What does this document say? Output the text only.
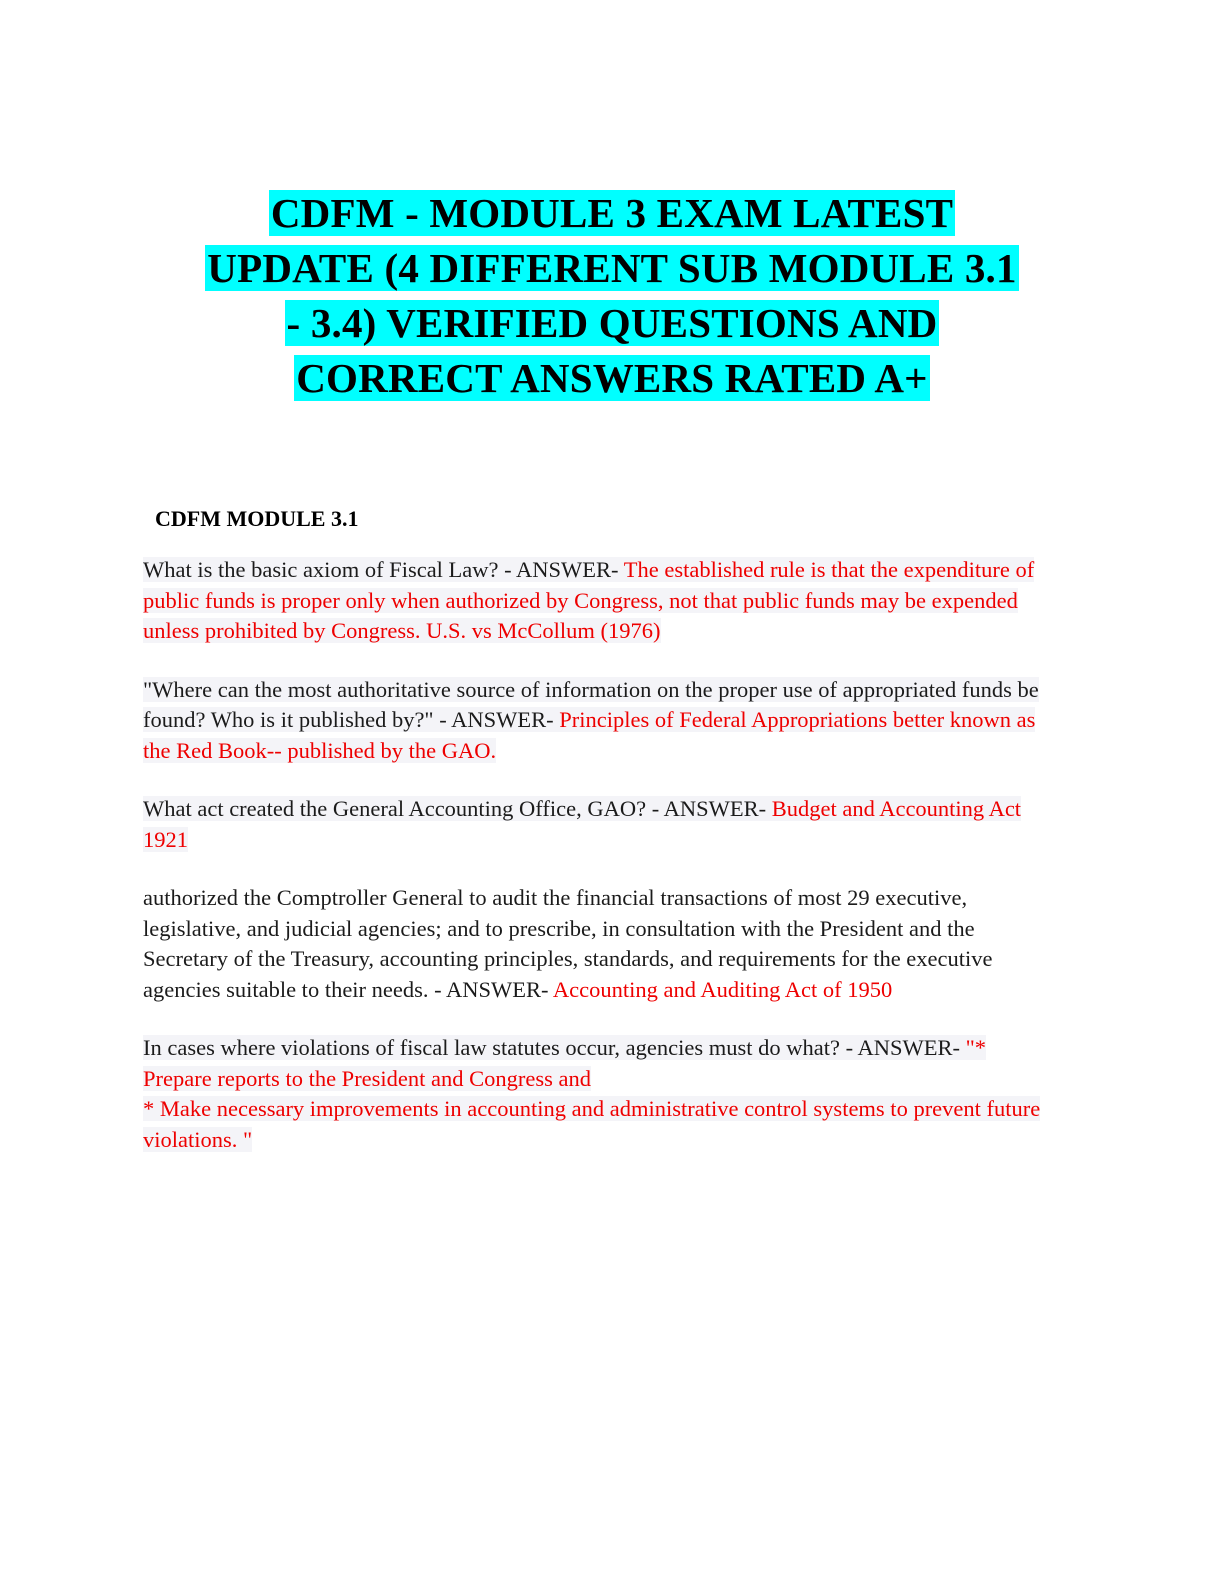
CDFM - MODULE 3 EXAM LATEST
UPDATE (4 DIFFERENT SUB MODULE 3.1
- 3.4) VERIFIED QUESTIONS AND
CORRECT ANSWERS RATED A+
CDFM MODULE 3.1

What is the basic axiom of Fiscal Law? - ANSWER- The established rule is that the expenditure of public funds is proper only when authorized by Congress, not that public funds may be expended unless prohibited by Congress. U.S. vs McCollum (1976)

"Where can the most authoritative source of information on the proper use of appropriated funds be found? Who is it published by?" - ANSWER- Principles of Federal Appropriations better known as the Red Book-- published by the GAO.

What act created the General Accounting Office, GAO? - ANSWER- Budget and Accounting Act 1921

authorized the Comptroller General to audit the financial transactions of most 29 executive, legislative, and judicial agencies; and to prescribe, in consultation with the President and the Secretary of the Treasury, accounting principles, standards, and requirements for the executive agencies suitable to their needs. - ANSWER- Accounting and Auditing Act of 1950

In cases where violations of fiscal law statutes occur, agencies must do what? - ANSWER- "* Prepare reports to the President and Congress and
* Make necessary improvements in accounting and administrative control systems to prevent future violations. "
